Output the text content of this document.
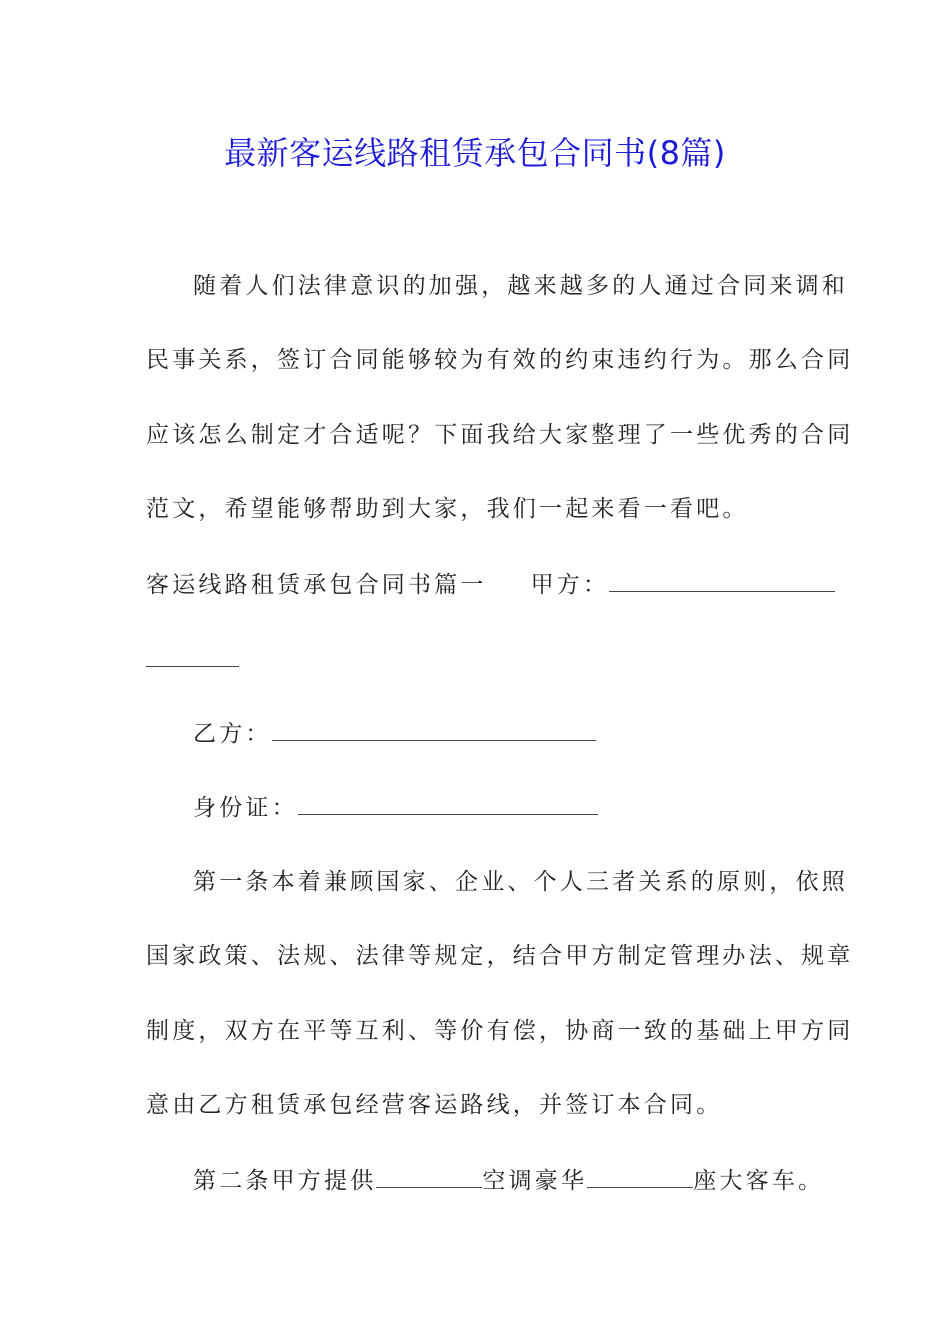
最新客运线路租赁承包合同书(8篇)
随着人们法律意识的加强，越来越多的人通过合同来调和
民事关系，签订合同能够较为有效的约束违约行为。那么合同
应该怎么制定才合适呢？下面我给大家整理了一些优秀的合同
范文，希望能够帮助到大家，我们一起来看一看吧。
客运线路租赁承包合同书篇一 甲方：
乙方：
身份证：
第一条本着兼顾国家、企业、个人三者关系的原则，依照
国家政策、法规、法律等规定，结合甲方制定管理办法、规章
制度，双方在平等互利、等价有偿，协商一致的基础上甲方同
意由乙方租赁承包经营客运路线，并签订本合同。
第二条甲方提供	空调豪华	座大客车。
